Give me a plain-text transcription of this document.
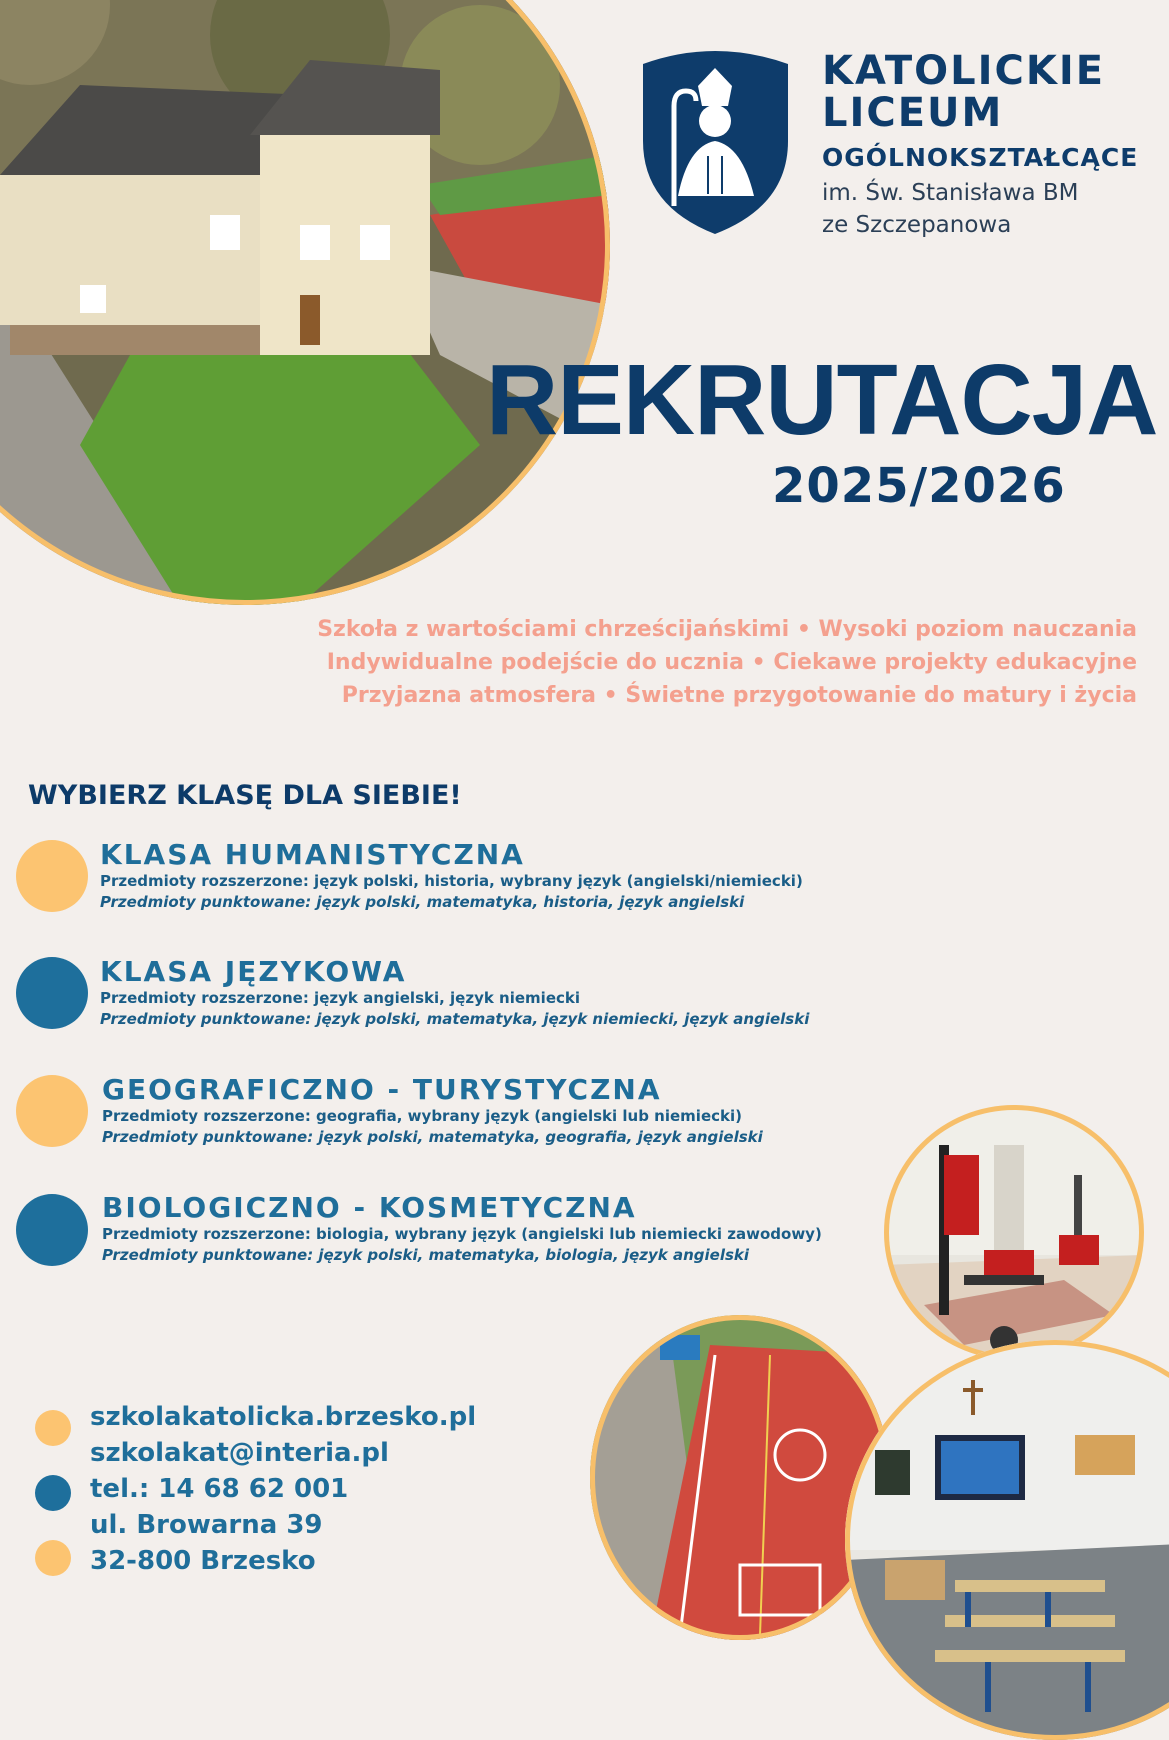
KATOLICKIE
LICEUM
OGÓLNOKSZTAŁCĄCE
im. Św. Stanisława BM
ze Szczepanowa
REKRUTACJA
2025/2026
Szkoła z wartościami chrześcijańskimi • Wysoki poziom nauczania
Indywidualne podejście do ucznia • Ciekawe projekty edukacyjne
Przyjazna atmosfera • Świetne przygotowanie do matury i życia
WYBIERZ KLASĘ DLA SIEBIE!
KLASA HUMANISTYCZNA
Przedmioty rozszerzone: język polski, historia, wybrany język (angielski/niemiecki)
Przedmioty punktowane: język polski, matematyka, historia, język angielski
KLASA JĘZYKOWA
Przedmioty rozszerzone: język angielski, język niemiecki
Przedmioty punktowane: język polski, matematyka, język niemiecki, język angielski
GEOGRAFICZNO - TURYSTYCZNA
Przedmioty rozszerzone: geografia, wybrany język (angielski lub niemiecki)
Przedmioty punktowane: język polski, matematyka, geografia, język angielski
BIOLOGICZNO - KOSMETYCZNA
Przedmioty rozszerzone: biologia, wybrany język (angielski lub niemiecki zawodowy)
Przedmioty punktowane: język polski, matematyka, biologia, język angielski
szkolakatolicka.brzesko.pl
szkolakat@interia.pl
tel.: 14 68 62 001
ul. Browarna 39
32-800 Brzesko
